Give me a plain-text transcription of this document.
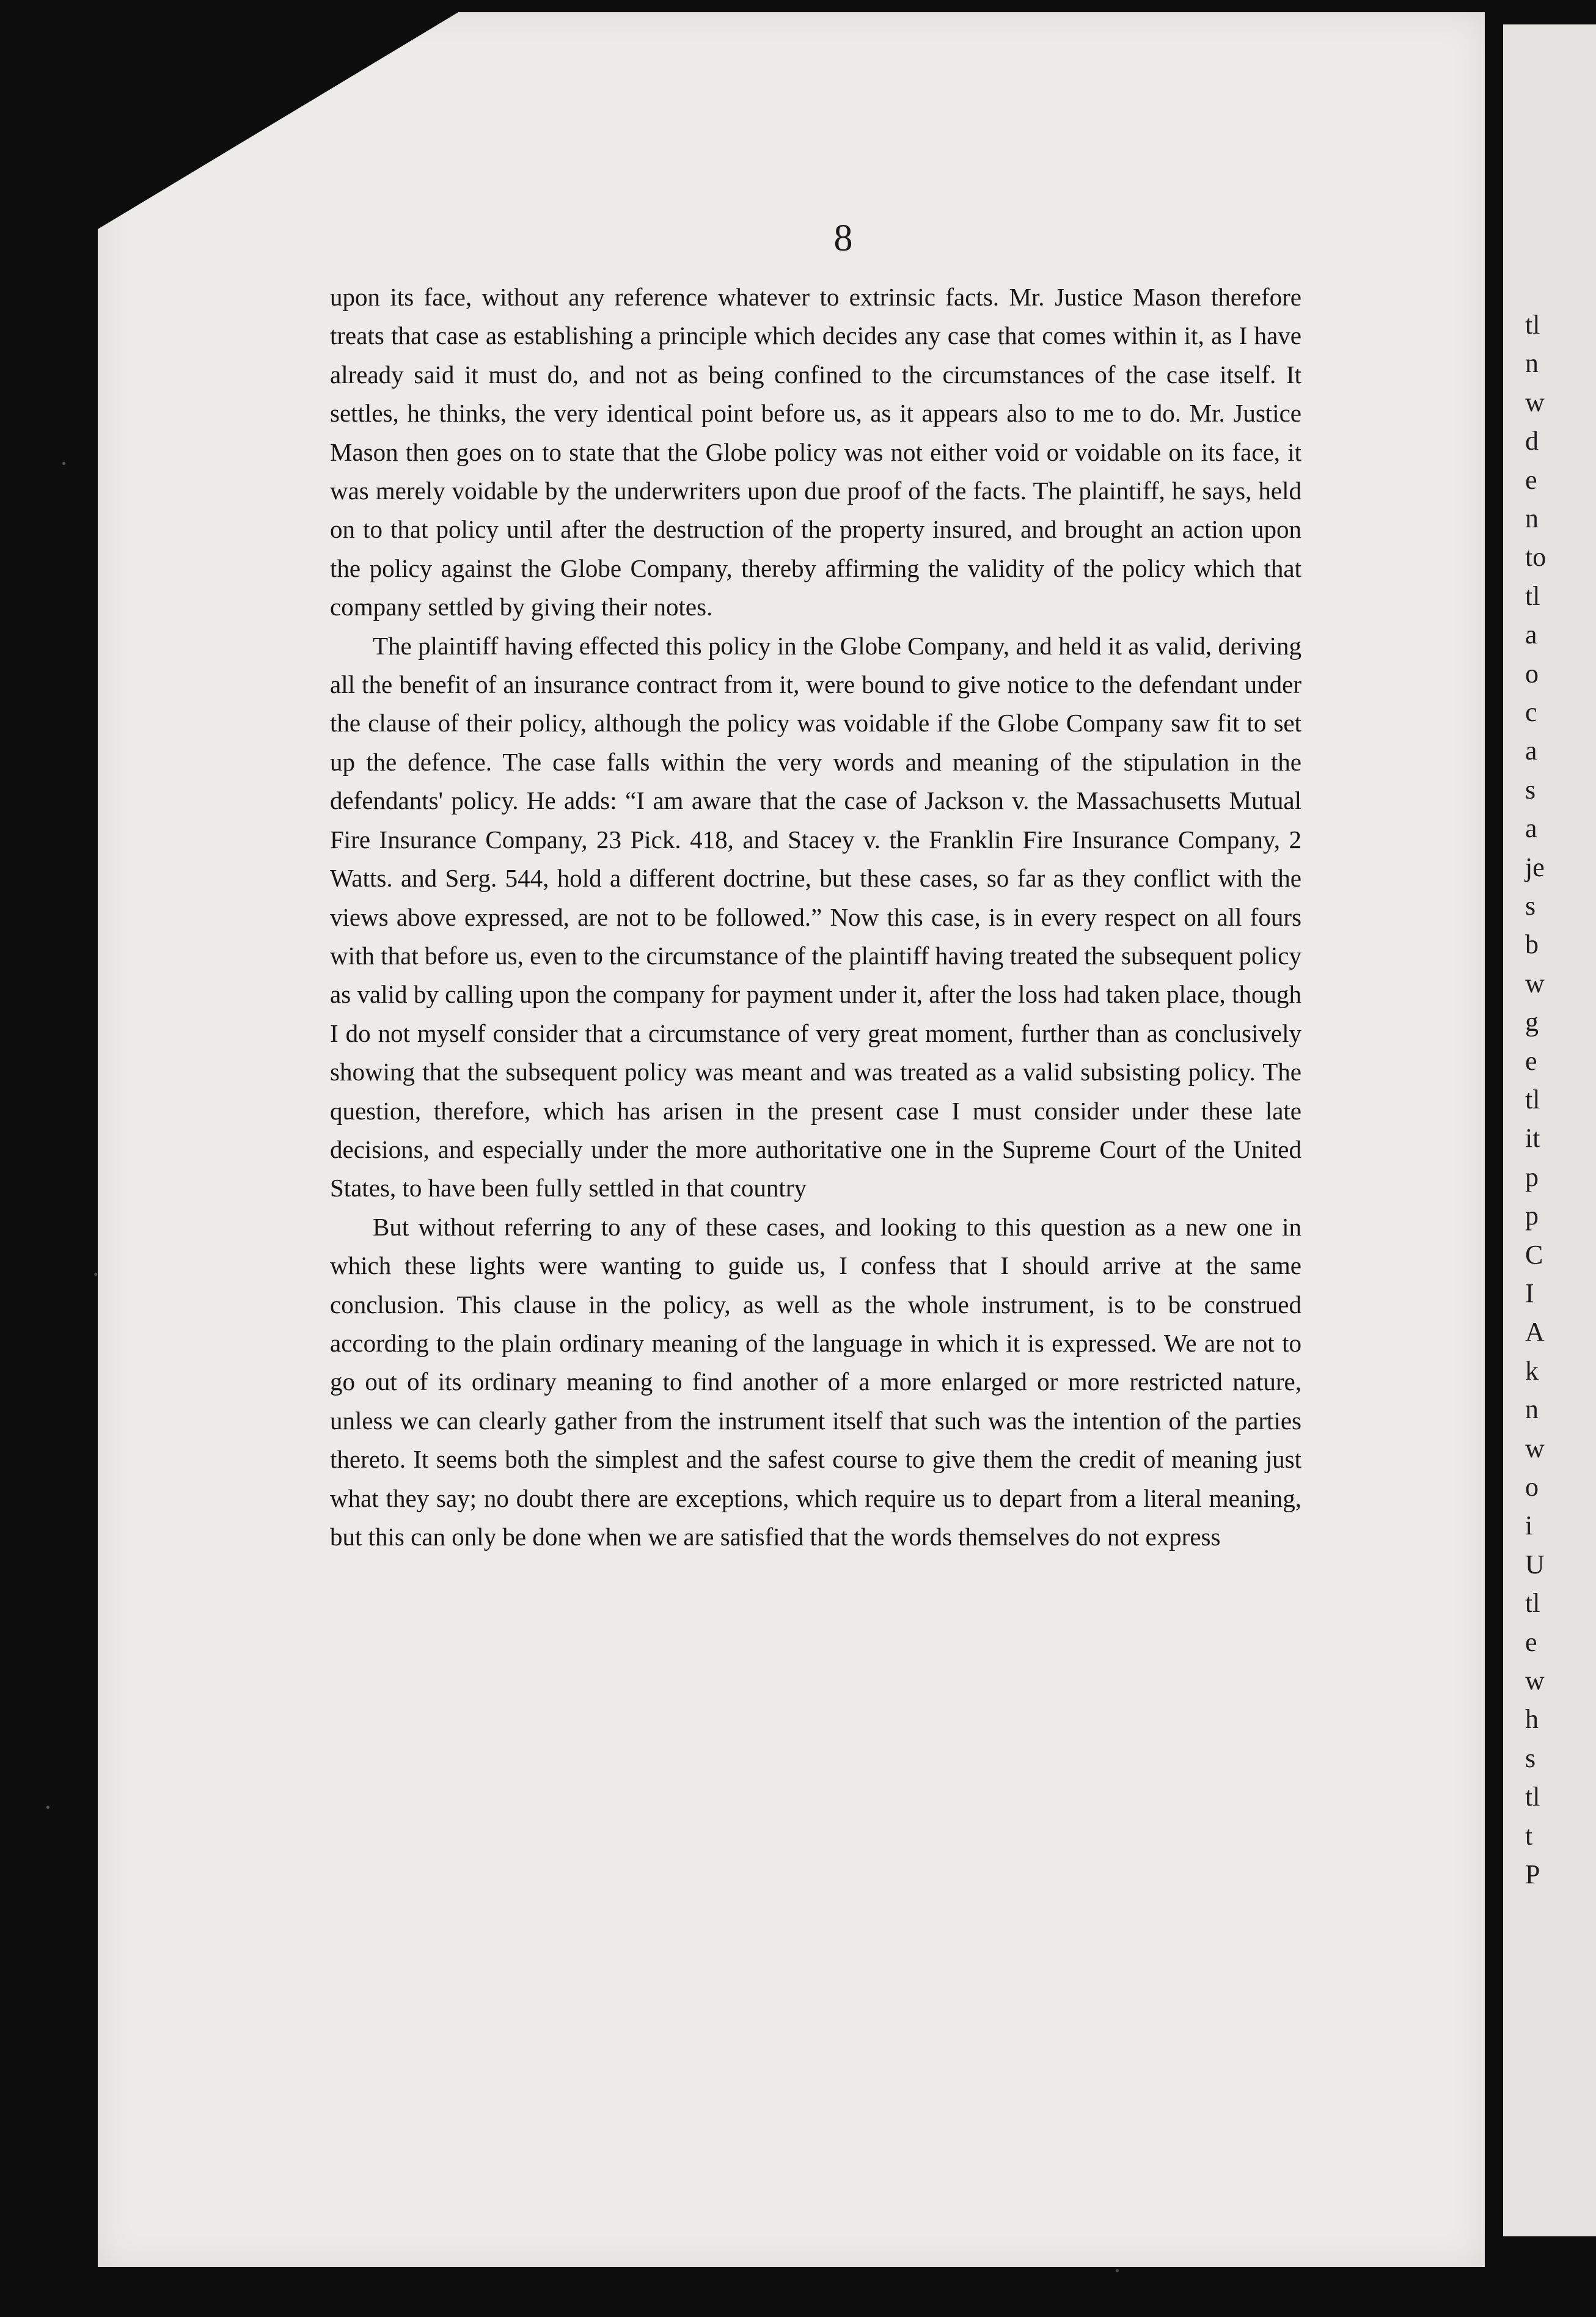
tl
n
w
d
e
n
to
tl
a
o
c
a
s
a
je
s
b
w
g
e
tl
it
p
p
C
I
A
k
n
w
o
i
U
tl
e
w
h
s
tl
t
P
8

upon its face, without any reference whatever to extrinsic facts. Mr. Justice Mason therefore treats that case as establishing a principle which decides any case that comes within it, as I have already said it must do, and not as being confined to the circumstances of the case itself. It settles, he thinks, the very identical point before us, as it appears also to me to do. Mr. Justice Mason then goes on to state that the Globe policy was not either void or voidable on its face, it was merely voidable by the underwriters upon due proof of the facts. The plaintiff, he says, held on to that policy until after the destruction of the property insured, and brought an action upon the policy against the Globe Company, thereby affirming the validity of the policy which that company settled by giving their notes.

The plaintiff having effected this policy in the Globe Company, and held it as valid, deriving all the benefit of an insurance contract from it, were bound to give notice to the defendant under the clause of their policy, although the policy was voidable if the Globe Company saw fit to set up the defence. The case falls within the very words and meaning of the stipulation in the defendants' policy. He adds: “I am aware that the case of Jackson v. the Massachusetts Mutual Fire Insurance Company, 23 Pick. 418, and Stacey v. the Franklin Fire Insurance Company, 2 Watts. and Serg. 544, hold a different doctrine, but these cases, so far as they conflict with the views above expressed, are not to be followed.” Now this case, is in every respect on all fours with that before us, even to the circumstance of the plaintiff having treated the subsequent policy as valid by calling upon the company for payment under it, after the loss had taken place, though I do not myself consider that a circumstance of very great moment, further than as conclusively showing that the subsequent policy was meant and was treated as a valid subsisting policy. The question, therefore, which has arisen in the present case I must consider under these late decisions, and especially under the more authoritative one in the Supreme Court of the United States, to have been fully settled in that country

But without referring to any of these cases, and looking to this question as a new one in which these lights were wanting to guide us, I confess that I should arrive at the same conclusion. This clause in the policy, as well as the whole instrument, is to be construed according to the plain ordinary meaning of the language in which it is expressed. We are not to go out of its ordinary meaning to find another of a more enlarged or more restricted nature, unless we can clearly gather from the instrument itself that such was the intention of the parties thereto. It seems both the simplest and the safest course to give them the credit of meaning just what they say; no doubt there are exceptions, which require us to depart from a literal meaning, but this can only be done when we are satisfied that the words themselves do not express
